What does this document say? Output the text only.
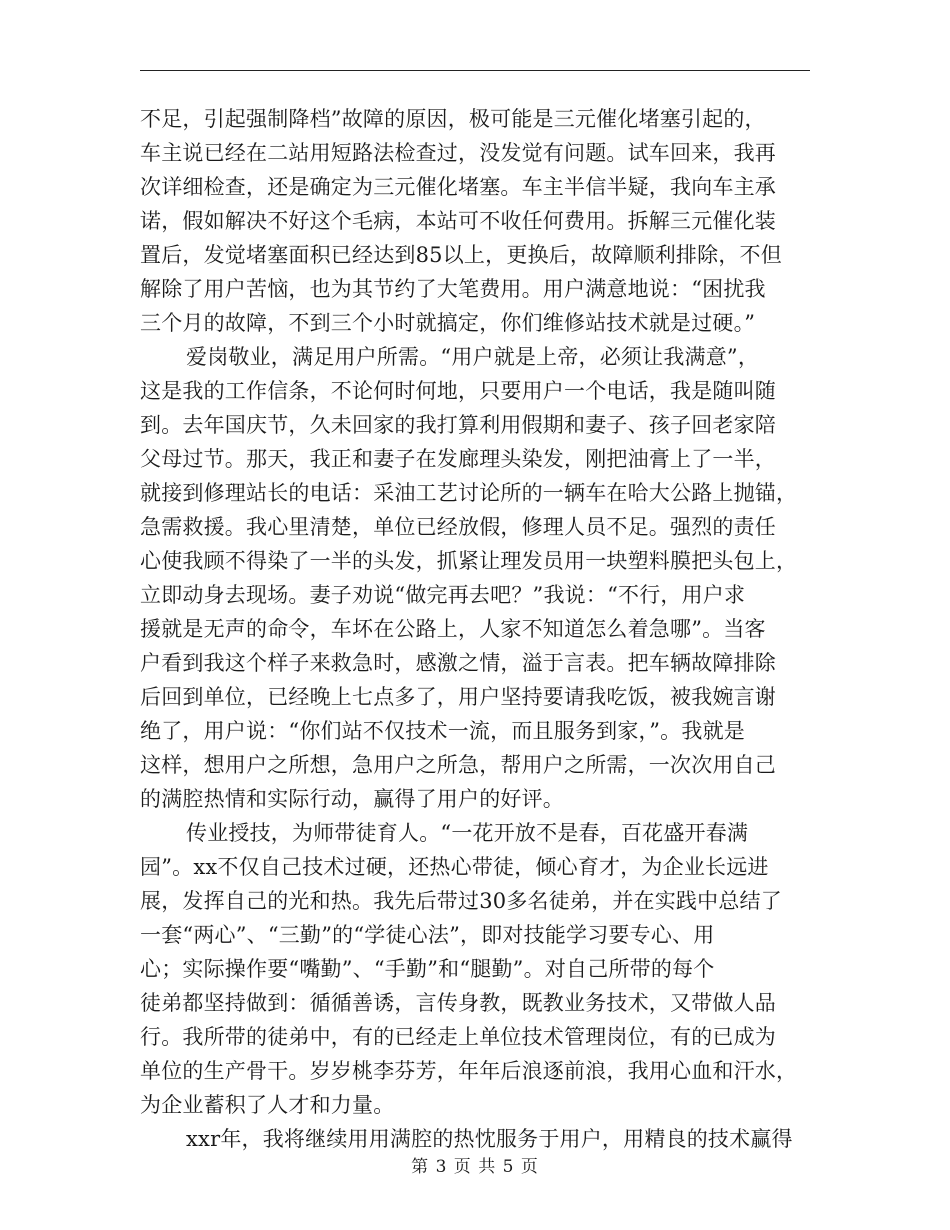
不足，引起强制降档”故障的原因，极可能是三元催化堵塞引起的，
车主说已经在二站用短路法检查过，没发觉有问题。试车回来，我再
次详细检查，还是确定为三元催化堵塞。车主半信半疑，我向车主承
诺，假如解决不好这个毛病，本站可不收任何费用。拆解三元催化装
置后，发觉堵塞面积已经达到85以上，更换后，故障顺利排除，不但
解除了用户苦恼，也为其节约了大笔费用。用户满意地说：“困扰我
三个月的故障，不到三个小时就搞定，你们维修站技术就是过硬。”
爱岗敬业，满足用户所需。“用户就是上帝，必须让我满意”，
这是我的工作信条，不论何时何地，只要用户一个电话，我是随叫随
到。去年国庆节，久未回家的我打算利用假期和妻子、孩子回老家陪
父母过节。那天，我正和妻子在发廊理头染发，刚把油膏上了一半，
就接到修理站长的电话：采油工艺讨论所的一辆车在哈大公路上抛锚，
急需救援。我心里清楚，单位已经放假，修理人员不足。强烈的责任
心使我顾不得染了一半的头发，抓紧让理发员用一块塑料膜把头包上，
立即动身去现场。妻子劝说“做完再去吧？”我说：“不行，用户求
援就是无声的命令，车坏在公路上，人家不知道怎么着急哪”。当客
户看到我这个样子来救急时，感激之情，溢于言表。把车辆故障排除
后回到单位，已经晚上七点多了，用户坚持要请我吃饭，被我婉言谢
绝了，用户说：“你们站不仅技术一流，而且服务到家，”。我就是
这样，想用户之所想，急用户之所急，帮用户之所需，一次次用自己
的满腔热情和实际行动，赢得了用户的好评。
传业授技，为师带徒育人。“一花开放不是春，百花盛开春满
园”。xx不仅自己技术过硬，还热心带徒，倾心育才，为企业长远进
展，发挥自己的光和热。我先后带过30多名徒弟，并在实践中总结了
一套“两心”、“三勤”的“学徒心法”，即对技能学习要专心、用
心；实际操作要“嘴勤”、“手勤”和“腿勤”。对自己所带的每个
徒弟都坚持做到：循循善诱，言传身教，既教业务技术，又带做人品
行。我所带的徒弟中，有的已经走上单位技术管理岗位，有的已成为
单位的生产骨干。岁岁桃李芬芳，年年后浪逐前浪，我用心血和汗水，
为企业蓄积了人才和力量。
xxr年，我将继续用用满腔的热忱服务于用户，用精良的技术赢得
第 3 页 共 5 页
